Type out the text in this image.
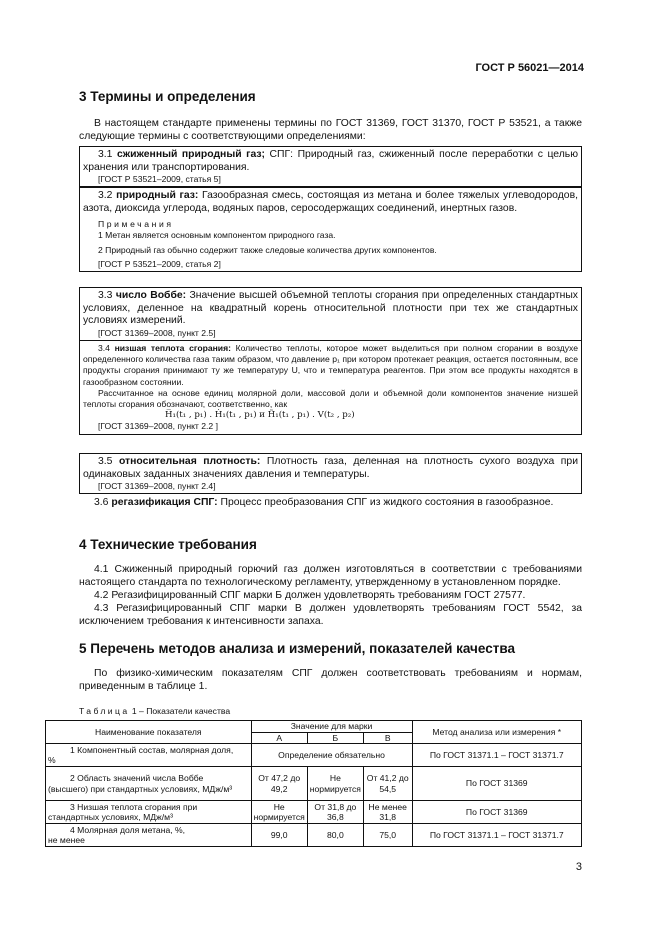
ГОСТ Р 56021—2014
3 Термины и определения

В настоящем стандарте применены термины по ГОСТ 31369, ГОСТ 31370, ГОСТ Р 53521, а также следующие термины с соответствующими определениями:

3.1 сжиженный природный газ; СПГ: Природный газ, сжиженный после переработки с целью хранения или транспортирования.

[ГОСТ Р 53521–2009, статья 5]

3.2 природный газ: Газообразная смесь, состоящая из метана и более тяжелых углеводородов, азота, диоксида углерода, водяных паров, серосодержащих соединений, инертных газов.

Примечания

1 Метан является основным компонентом природного газа.

2 Природный газ обычно содержит также следовые количества других компонентов.

[ГОСТ Р 53521–2009, статья 2]

3.3 число Воббе: Значение высшей объемной теплоты сгорания при определенных стандартных условиях, деленное на квадратный корень относительной плотности при тех же стандартных условиях измерений.

[ГОСТ 31369–2008, пункт 2.5]

3.4 низшая теплота сгорания: Количество теплоты, которое может выделиться при полном сгорании в воздухе определенного количества газа таким образом, что давление p₁ при котором протекает реакция, остается постоянным, все продукты сгорания принимают ту же температуру U, что и температура реагентов. При этом все продукты находятся в газообразном состоянии.

Рассчитанное на основе единиц молярной доли, массовой доли и объемной доли компонентов значение низшей теплоты сгорания обозначают, соответственно, как

H̅₁(t₁ , p₁) . Ḣ₁(t₁ , p₁) и H̃₁(t₁ , p₁) . V(t₂ , p₂)

[ГОСТ 31369–2008, пункт 2.2 ]

3.5 относительная плотность: Плотность газа, деленная на плотность сухого воздуха при одинаковых заданных значениях давления и температуры.

[ГОСТ 31369–2008, пункт 2.4]

3.6 регазификация СПГ: Процесс преобразования СПГ из жидкого состояния в газообразное.

4 Технические требования

4.1 Сжиженный природный горючий газ должен изготовляться в соответствии с требованиями настоящего стандарта по технологическому регламенту, утвержденному в установленном порядке.

4.2 Регазифицированный СПГ марки Б должен удовлетворять требованиям ГОСТ 27577.

4.3 Регазифицированный СПГ марки В должен удовлетворять требованиям ГОСТ 5542, за исключением требования к интенсивности запаха.

5 Перечень методов анализа и измерений, показателей качества

По физико-химическим показателям СПГ должен соответствовать требованиям и нормам, приведенным в таблице 1.

Таблица 1 – Показатели качества
Наименование показателя	Значение для марки			Метод анализа или измерения *
	А	Б	В	

1 Компонентный состав, молярная доля,
%	Определение обязательно			По ГОСТ 31371.1 – ГОСТ 31371.7

2 Область значений числа Воббе
(высшего) при стандартных условиях, МДж/м³	От 47,2 до 49,2	Не нормируется	От 41,2 до 54,5	По ГОСТ 31369

3 Низшая теплота сгорания при
стандартных условиях, МДж/м³	Не нормируется	От 31,8 до 36,8	Не менее 31,8	По ГОСТ 31369

4 Молярная доля метана, %,
не менее	99,0	80,0	75,0	По ГОСТ 31371.1 – ГОСТ 31371.7
3
